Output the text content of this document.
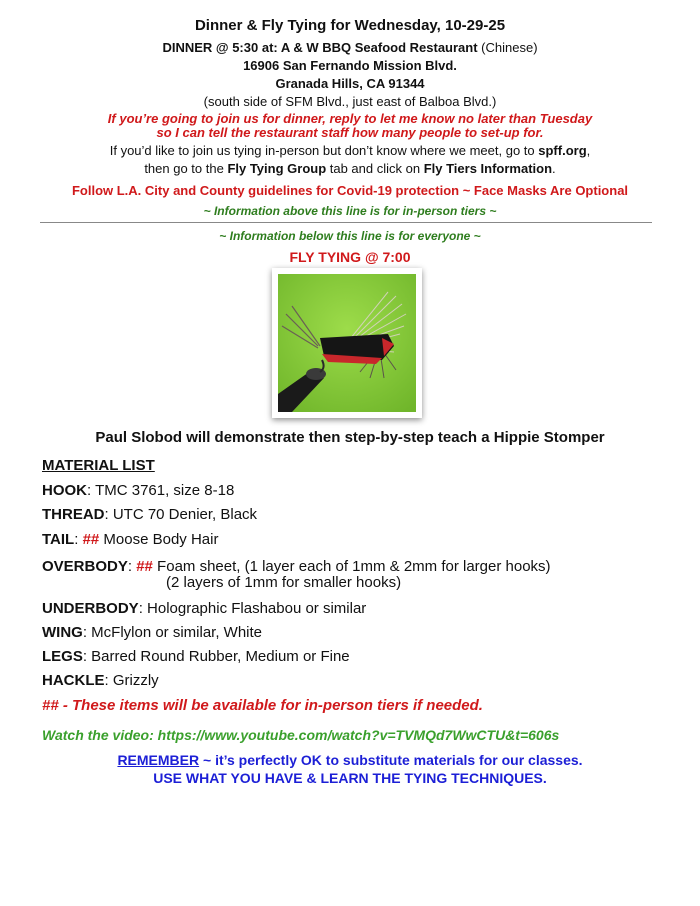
Dinner & Fly Tying for Wednesday, 10-29-25

DINNER @ 5:30 at: A & W BBQ Seafood Restaurant (Chinese)

16906 San Fernando Mission Blvd.

Granada Hills, CA 91344

(south side of SFM Blvd., just east of Balboa Blvd.)

If you’re going to join us for dinner, reply to let me know no later than Tuesday

so I can tell the restaurant staff how many people to set-up for.

If you’d like to join us tying in-person but don’t know where we meet, go to spff.org,

then go to the Fly Tying Group tab and click on Fly Tiers Information.

Follow L.A. City and County guidelines for Covid-19 protection ~ Face Masks Are Optional

~ Information above this line is for in-person tiers ~

~ Information below this line is for everyone ~

FLY TYING @ 7:00

Paul Slobod will demonstrate then step-by-step teach a Hippie Stomper

MATERIAL LIST

HOOK: TMC 3761, size 8-18

THREAD: UTC 70 Denier, Black

TAIL: ## Moose Body Hair

OVERBODY: ## Foam sheet, (1 layer each of 1mm & 2mm for larger hooks)

(2 layers of 1mm for smaller hooks)

UNDERBODY: Holographic Flashabou or similar

WING: McFlylon or similar, White

LEGS: Barred Round Rubber, Medium or Fine

HACKLE: Grizzly

## - These items will be available for in-person tiers if needed.

Watch the video: https://www.youtube.com/watch?v=TVMQd7WwCTU&t=606s

REMEMBER ~ it’s perfectly OK to substitute materials for our classes.

USE WHAT YOU HAVE & LEARN THE TYING TECHNIQUES.
